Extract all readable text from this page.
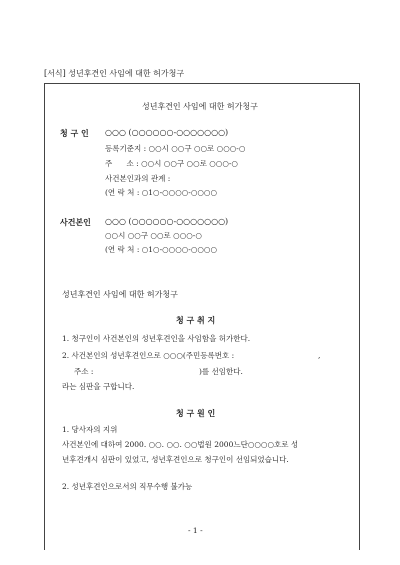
[서식] 성년후견인 사임에 대한 허가청구
성년후견인 사임에 대한 허가청구
청 구 인 ○○○ (○○○○○○-○○○○○○○)
등록기준지 : ○○시 ○○구 ○○로 ○○○-○
주      소 : ○○시 ○○구 ○○로 ○○○-○
사건본인과의 관계 :
(연 락 처 : ○1○-○○○○-○○○○
사건본인 ○○○ (○○○○○○-○○○○○○○)
○○시 ○○구 ○○로 ○○○-○
(연 락 처 : ○1○-○○○○-○○○○
성년후견인 사임에 대한 허가청구
청 구 취 지
1. 청구인이 사건본인의 성년후견인을 사임함을 허가한다.
2. 사건본인의 성년후견인으로 ○○○(주민등록번호 :	,
주소 :	)를 선임한다.
라는 심판을 구합니다.
청 구 원 인
1. 당사자의 지위
사건본인에 대하여 2000. ○○. ○○. ○○법원 2000느단○○○○호로 성
년후견개시 심판이 있었고, 성년후견인으로 청구인이 선임되었습니다.
2. 성년후견인으로서의 직무수행 불가능
- 1 -
